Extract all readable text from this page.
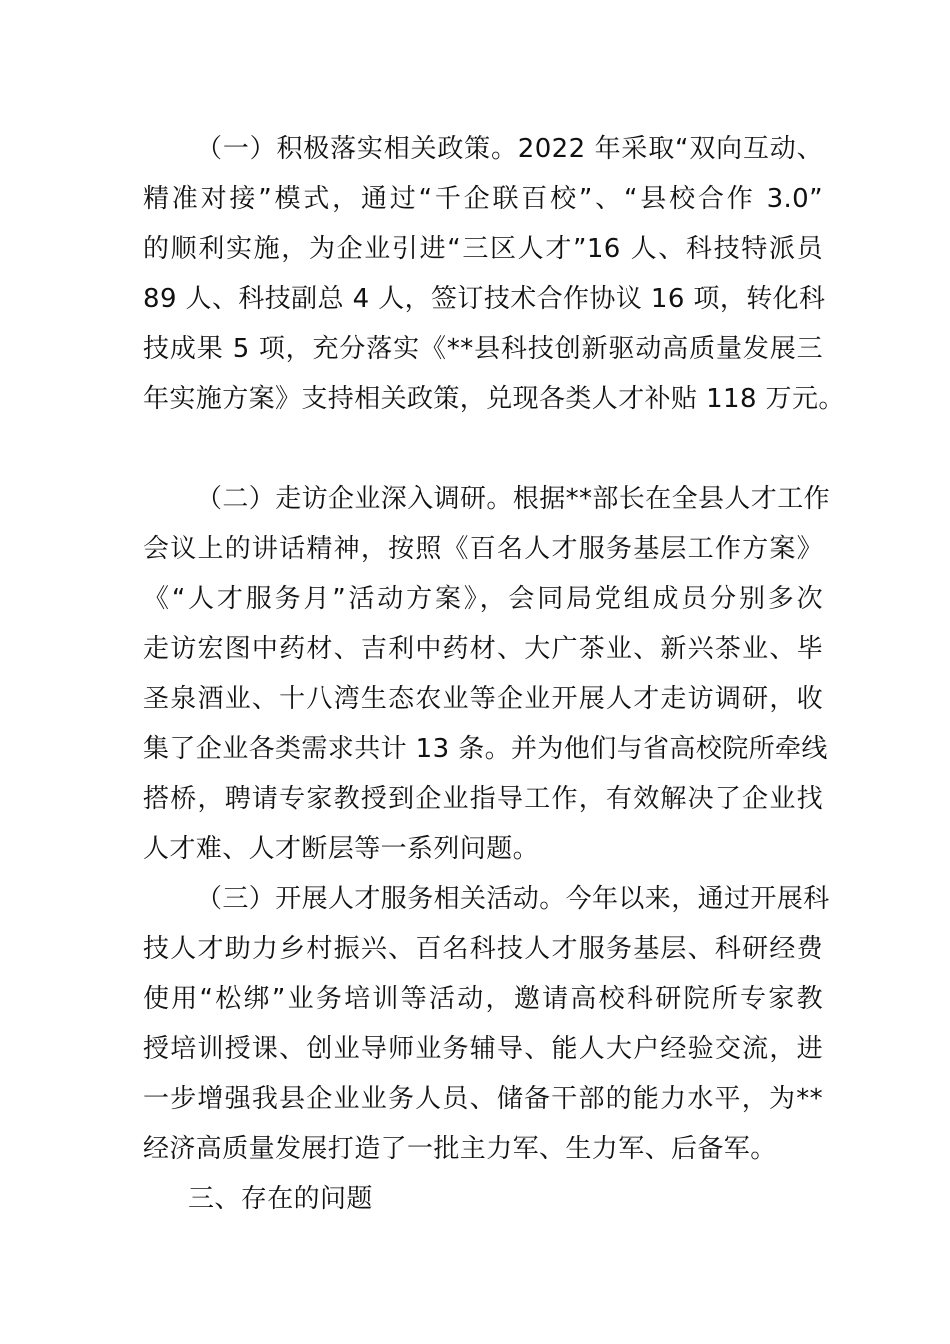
（一）积极落实相关政策。2022 年采取“双向互动、

精准对接”模式，通过“千企联百校”、“县校合作 3.0”

的顺利实施，为企业引进“三区人才”16 人、科技特派员

89 人、科技副总 4 人，签订技术合作协议 16 项，转化科

技成果 5 项，充分落实《**县科技创新驱动高质量发展三

年实施方案》支持相关政策，兑现各类人才补贴 118 万元。

（二）走访企业深入调研。根据**部长在全县人才工作

会议上的讲话精神，按照《百名人才服务基层工作方案》

《“人才服务月”活动方案》，会同局党组成员分别多次

走访宏图中药材、吉利中药材、大广茶业、新兴茶业、毕

圣泉酒业、十八湾生态农业等企业开展人才走访调研，收

集了企业各类需求共计 13 条。并为他们与省高校院所牵线

搭桥，聘请专家教授到企业指导工作，有效解决了企业找

人才难、人才断层等一系列问题。

（三）开展人才服务相关活动。今年以来，通过开展科

技人才助力乡村振兴、百名科技人才服务基层、科研经费

使用“松绑”业务培训等活动，邀请高校科研院所专家教

授培训授课、创业导师业务辅导、能人大户经验交流，进

一步增强我县企业业务人员、储备干部的能力水平，为**

经济高质量发展打造了一批主力军、生力军、后备军。

三、存在的问题
